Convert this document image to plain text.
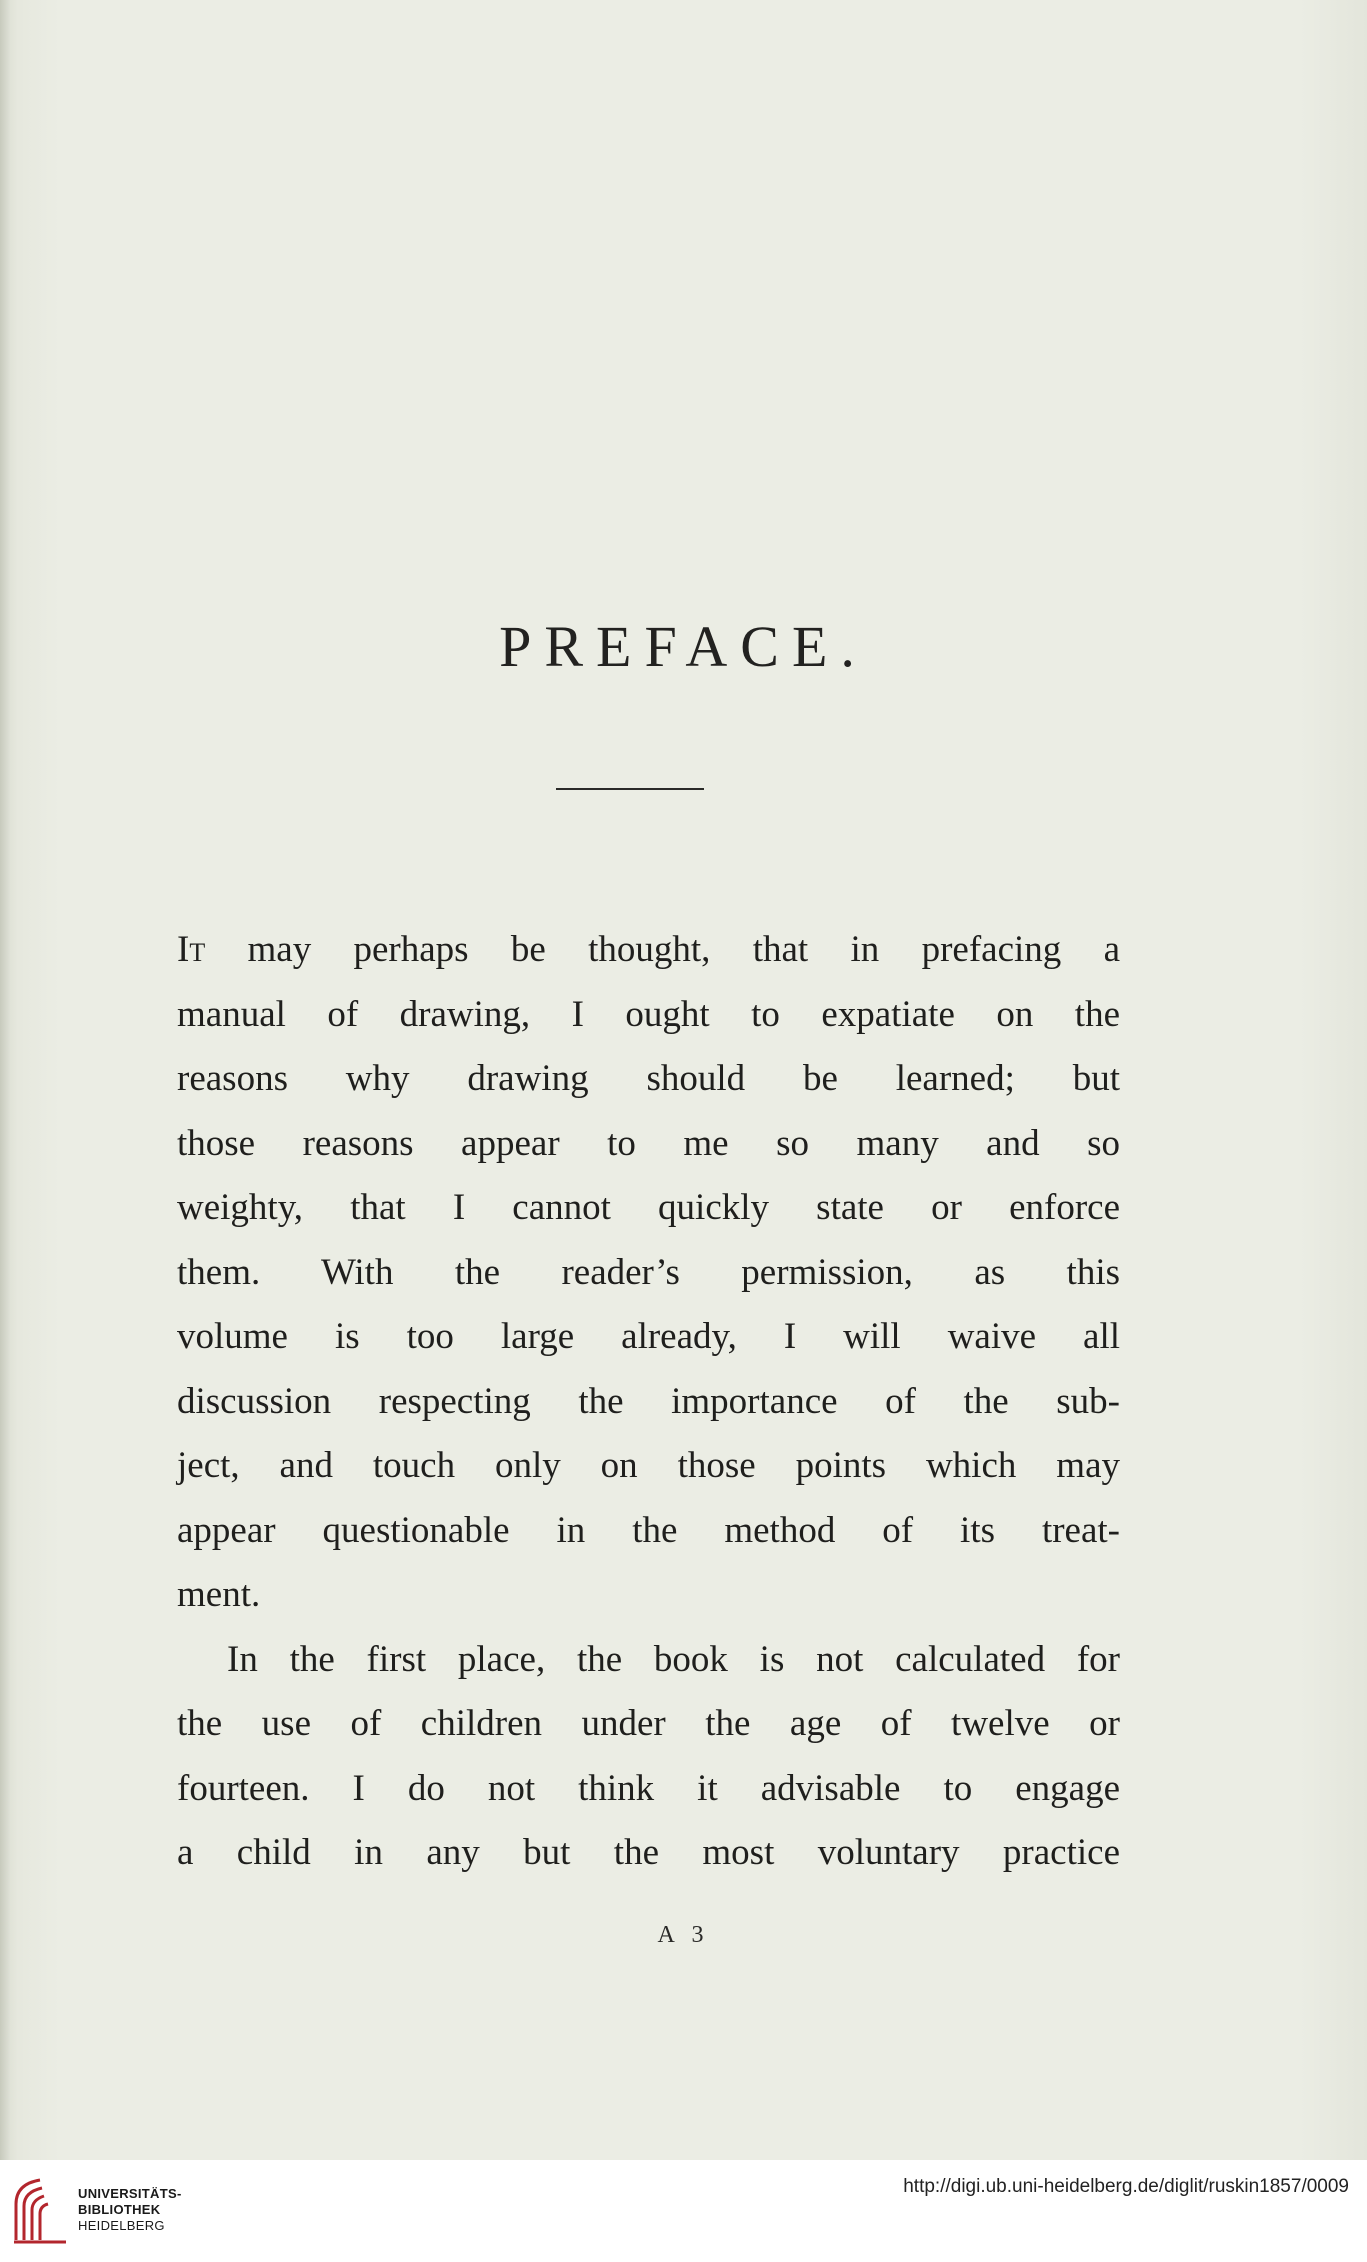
PREFACE.
It may perhaps be thought, that in prefacing a
manual of drawing, I ought to expatiate on the
reasons why drawing should be learned; but
those reasons appear to me so many and so
weighty, that I cannot quickly state or enforce
them. With the reader’s permission, as this
volume is too large already, I will waive all
discussion respecting the importance of the sub-
ject, and touch only on those points which may
appear questionable in the method of its treat-
ment.
In the first place, the book is not calculated for
the use of children under the age of twelve or
fourteen. I do not think it advisable to engage
a child in any but the most voluntary practice
A 3
UNIVERSITÄTS-
BIBLIOTHEK
HEIDELBERG
http://digi.ub.uni-heidelberg.de/diglit/ruskin1857/0009
